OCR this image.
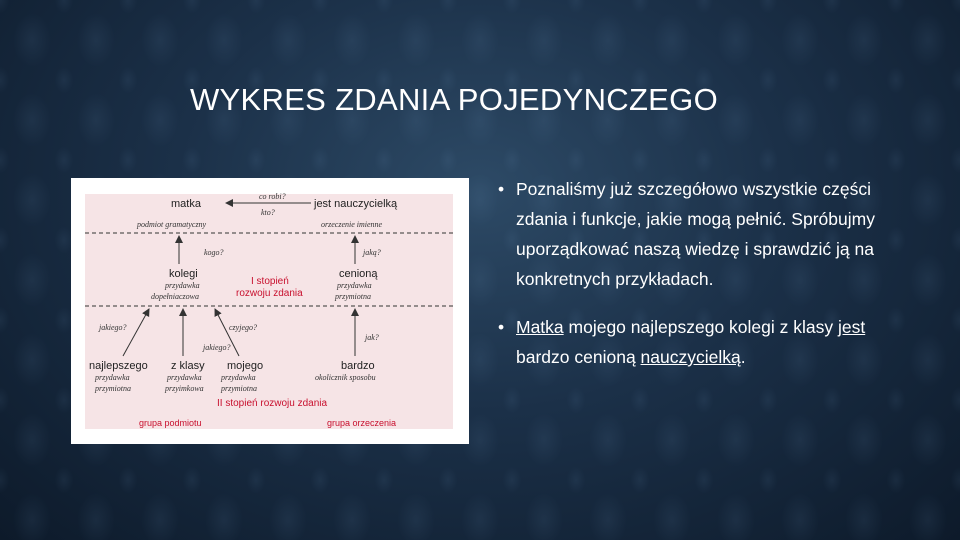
WYKRES ZDANIA POJEDYNCZEGO
matka	jest nauczycielką
co robi?
kto?
podmiot gramatyczny	orzeczenie imienne
kogo?	jaką?
kolegi
przydawka
dopełniaczowa
I stopień
rozwoju zdania
cenioną
przydawka
przymiotna
jakiego?	czyjego?
jakiego?
jak?
najlepszego
przydawka
przymiotna
z klasy
przydawka
przyimkowa
mojego
przydawka
przymiotna
bardzo
okolicznik sposobu
II stopień rozwoju zdania
grupa podmiotu	grupa orzeczenia
• Poznaliśmy już szczegółowo wszystkie części zdania i funkcje, jakie mogą pełnić. Spróbujmy uporządkować naszą wiedzę i sprawdzić ją na konkretnych przykładach.
• Matka mojego najlepszego kolegi z klasy jest bardzo cenioną nauczycielką.
